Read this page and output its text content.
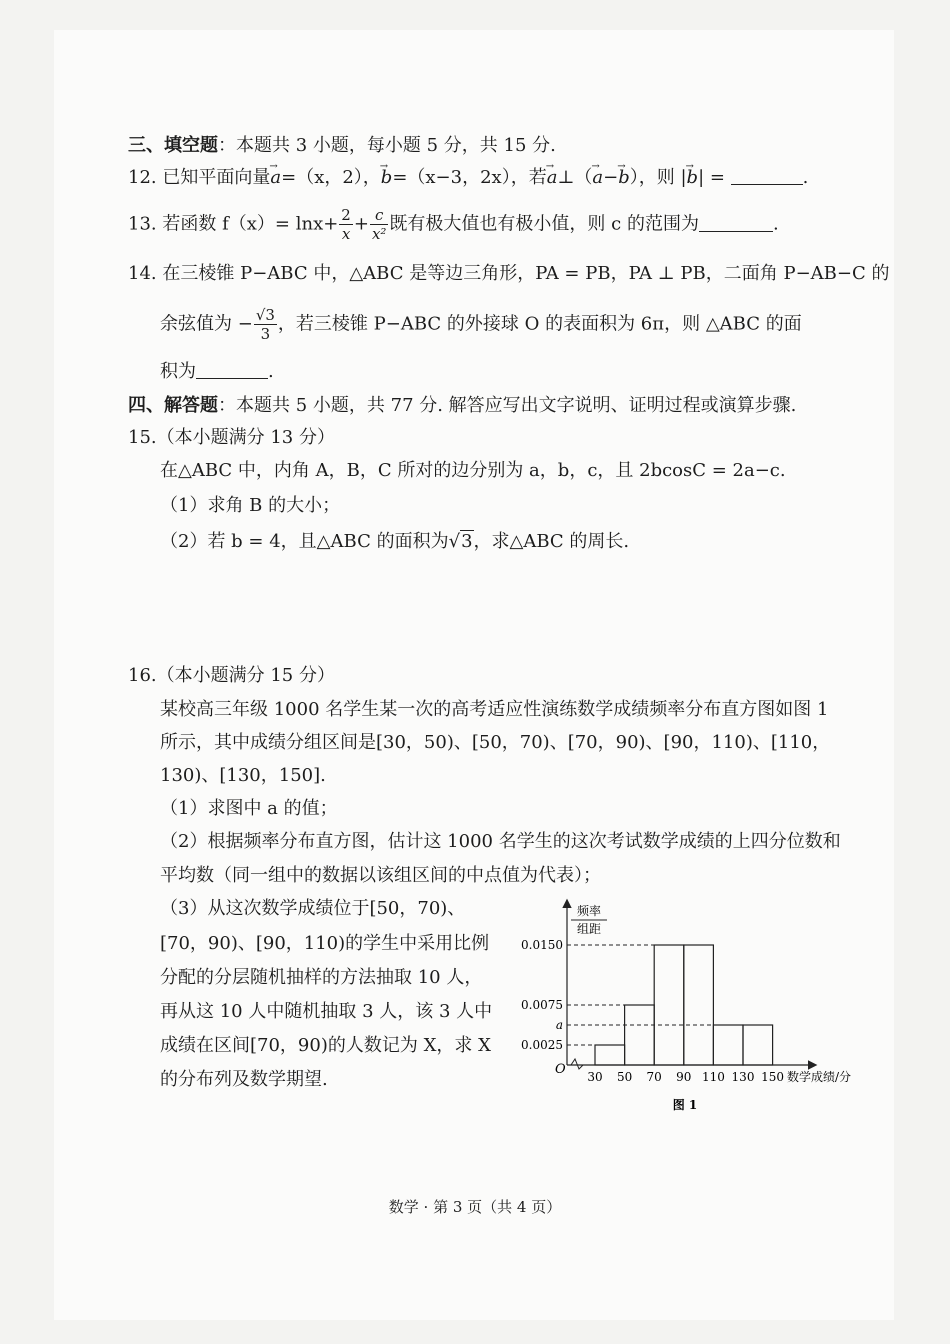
三、填空题：本题共 3 小题，每小题 5 分，共 15 分.
12. 已知平面向量→ a=（x，2），→ b=（x−3，2x），若→ a⊥（→ a−→ b），则 |→ b| =	.
13. 若函数 $f(x)= \ln x+ \frac{2}{x} + \frac{c}{\text{x²}}$ 既有极大值也有极小值，则 c 的范围为	.
14. 在三棱锥 P−ABC 中，△ABC 是等边三角形，PA = PB，PA ⊥ PB，二面角 P−AB−C 的
余弦值为 − $\frac{√3}{3}$ ，若三棱锥 P−ABC 的外接球 O 的表面积为 6π，则 △ABC 的面
积为	.
四、解答题：本题共 5 小题，共 77 分. 解答应写出文字说明、证明过程或演算步骤.
15.（本小题满分 13 分）
在△ABC 中，内角 A，B，C 所对的边分别为 a，b，c，且 2bcosC = 2a−c.
（1）求角 B 的大小；
（2）若 b = 4，且△ABC 的面积为√3，求△ABC 的周长.
16.（本小题满分 15 分）
某校高三年级 1000 名学生某一次的高考适应性演练数学成绩频率分布直方图如图 1
所示，其中成绩分组区间是[30，50)、[50，70)、[70，90)、[90，110)、[110，
130)、[130，150].
（1）求图中 a 的值；
（2）根据频率分布直方图，估计这 1000 名学生的这次考试数学成绩的上四分位数和
平均数（同一组中的数据以该组区间的中点值为代表）；
（3）从这次数学成绩位于[50，70)、
[70，90)、[90，110)的学生中采用比例
分配的分层随机抽样的方法抽取 10 人，
再从这 10 人中随机抽取 3 人，该 3 人中
成绩在区间[70，90)的人数记为 X，求 X
的分布列及数学期望.
0.0150
0.0075
a
0.0025
30 50 70 90 110 130 150
O
频率
组距
数学成绩/分
图 1
数学 · 第 3 页（共 4 页）
